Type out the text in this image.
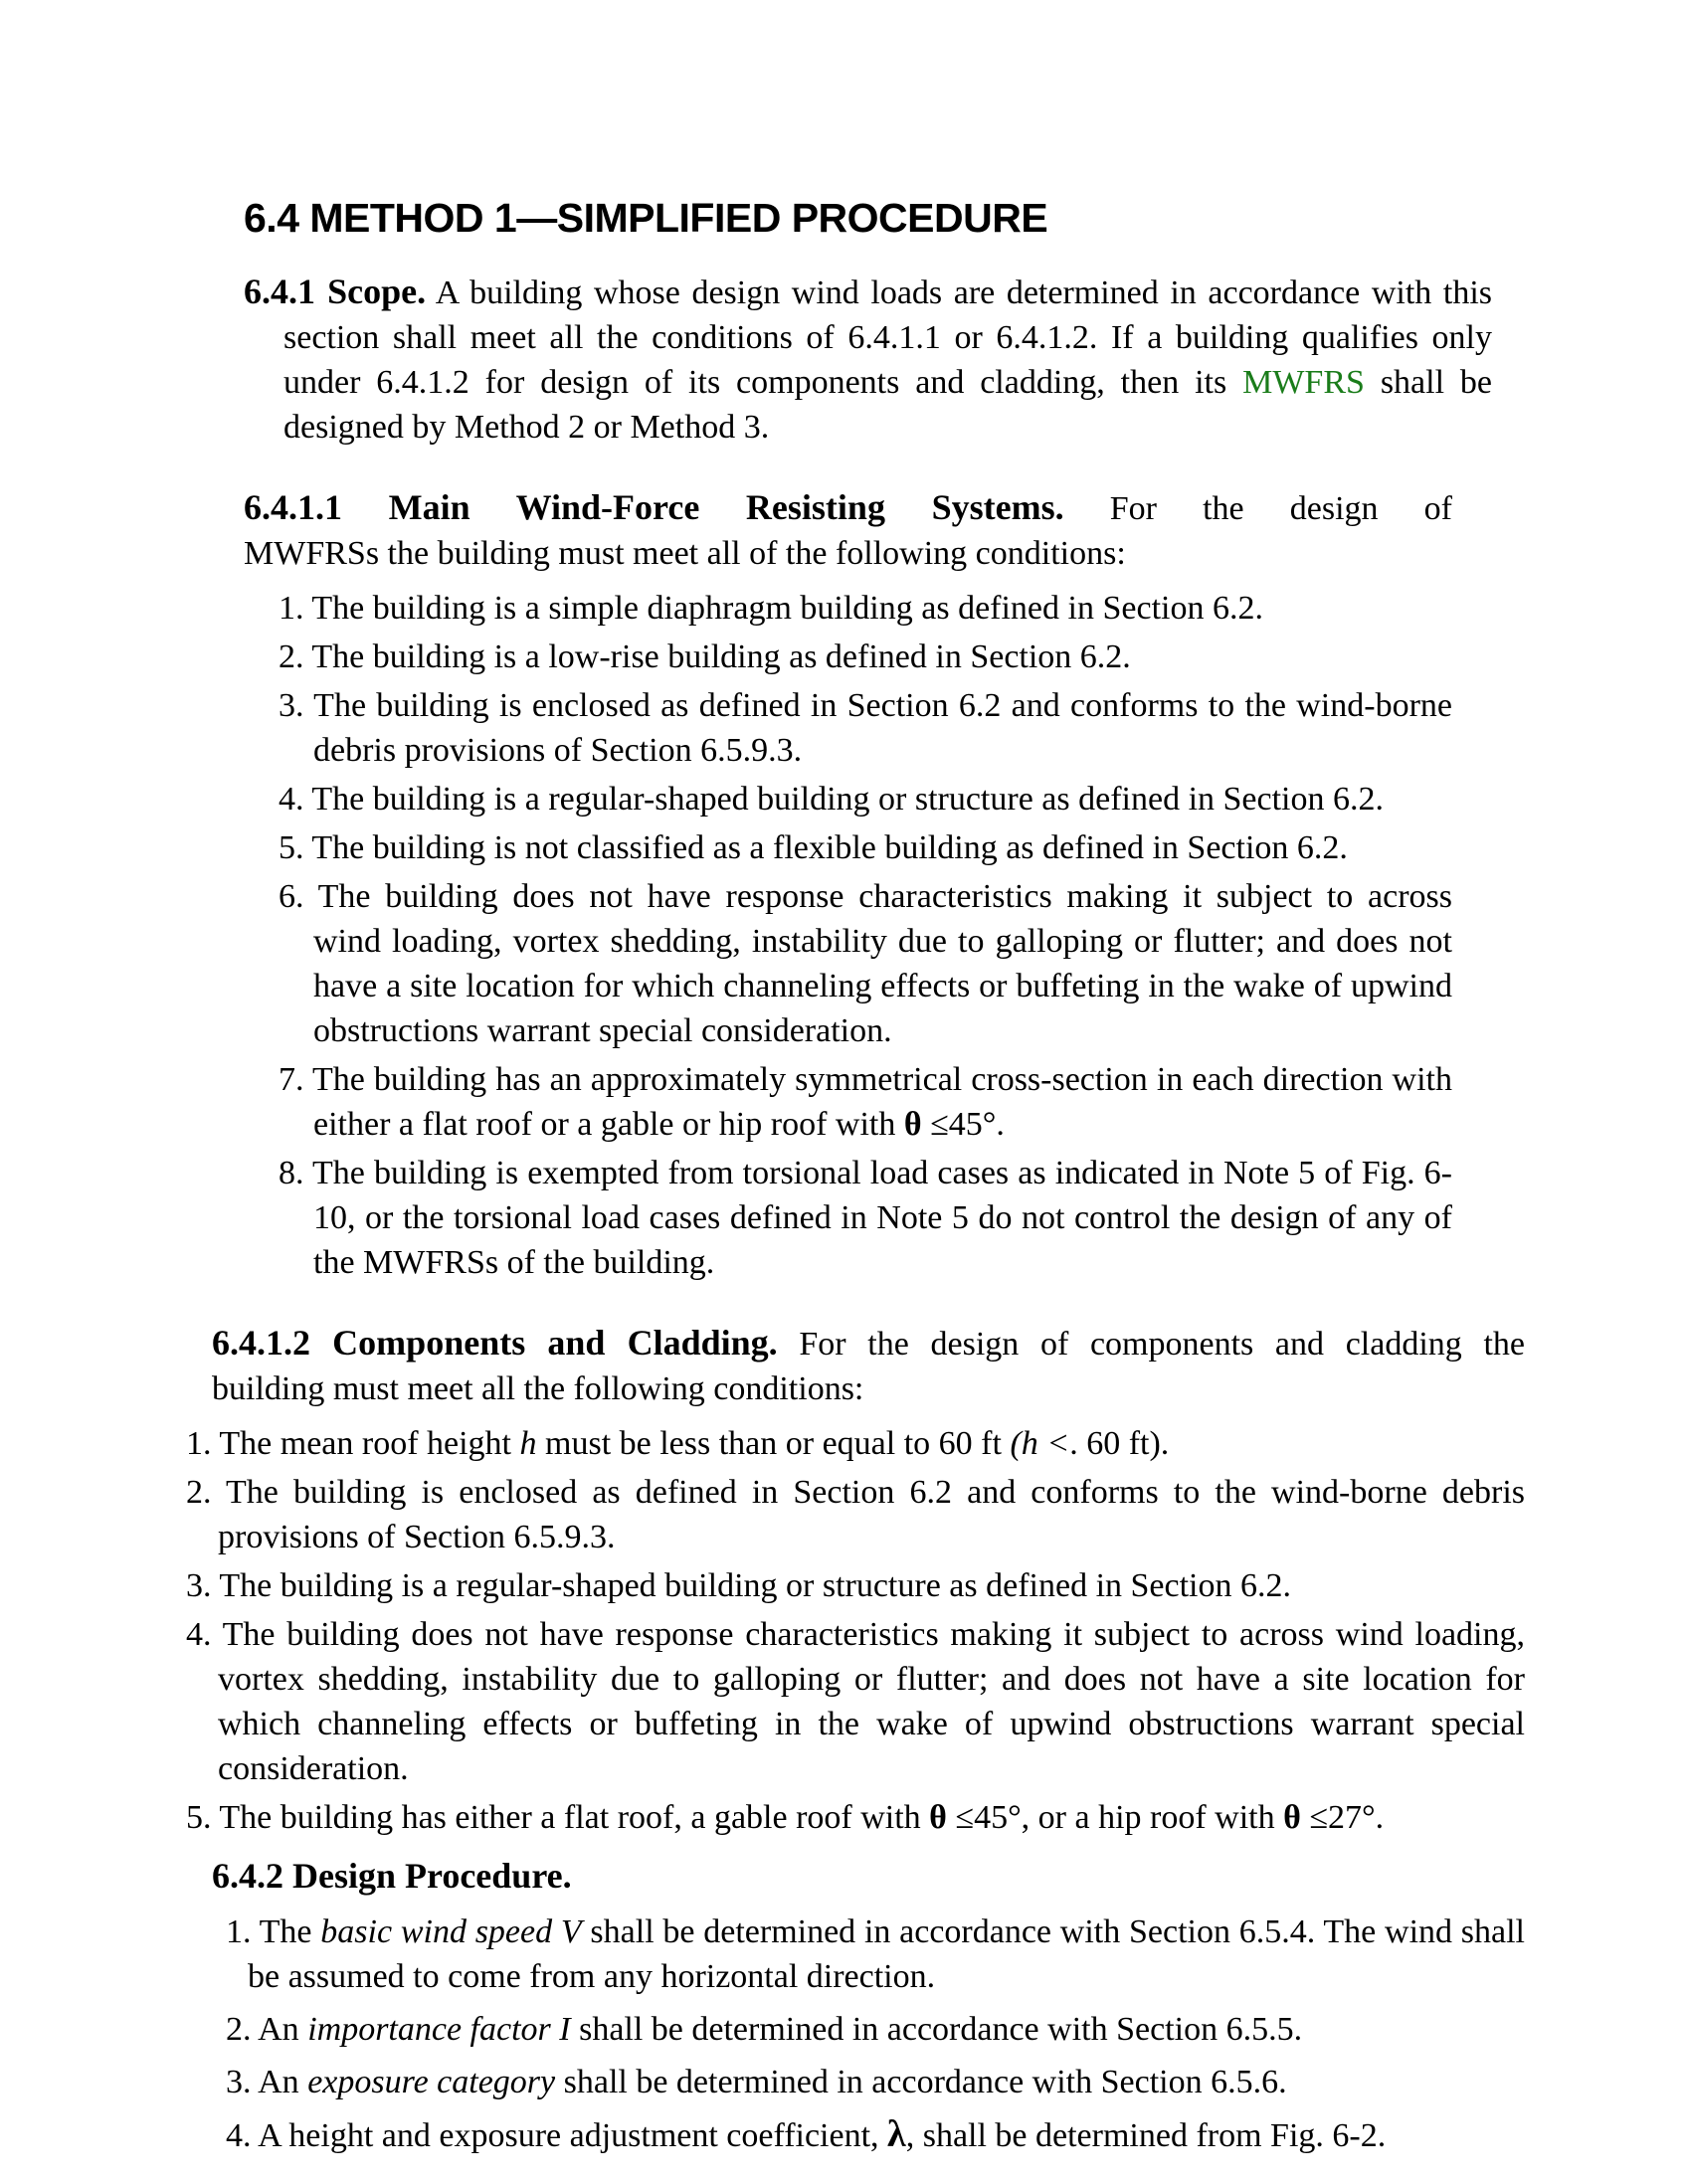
6.4 METHOD 1—SIMPLIFIED PROCEDURE

6.4.1 Scope. A building whose design wind loads are determined in accordance with this section shall meet all the conditions of 6.4.1.1 or 6.4.1.2. If a building qualifies only under 6.4.1.2 for design of its components and cladding, then its MWFRS shall be designed by Method 2 or Method 3.

6.4.1.1 Main Wind-Force Resisting Systems. For the design of
MWFRSs the building must meet all of the following conditions:
1. The building is a simple diaphragm building as defined in Section 6.2.
2. The building is a low-rise building as defined in Section 6.2.
3. The building is enclosed as defined in Section 6.2 and conforms to the wind-borne debris provisions of Section 6.5.9.3.
4. The building is a regular-shaped building or structure as defined in Section 6.2.
5. The building is not classified as a flexible building as defined in Section 6.2.
6. The building does not have response characteristics making it subject to across wind loading, vortex shedding, instability due to galloping or flutter; and does not have a site location for which channeling effects or buffeting in the wake of upwind obstructions warrant special consideration.
7. The building has an approximately symmetrical cross-section in each direction with either a flat roof or a gable or hip roof with θ ≤45°.
8. The building is exempted from torsional load cases as indicated in Note 5 of Fig. 6-10, or the torsional load cases defined in Note 5 do not control the design of any of the MWFRSs of the building.
6.4.1.2 Components and Cladding. For the design of components and cladding the
building must meet all the following conditions:
1. The mean roof height h must be less than or equal to 60 ft (h <. 60 ft).
2. The building is enclosed as defined in Section 6.2 and conforms to the wind-borne debris provisions of Section 6.5.9.3.
3. The building is a regular-shaped building or structure as defined in Section 6.2.
4. The building does not have response characteristics making it subject to across wind loading, vortex shedding, instability due to galloping or flutter; and does not have a site location for which channeling effects or buffeting in the wake of upwind obstructions warrant special consideration.
5. The building has either a flat roof, a gable roof with θ ≤45°, or a hip roof with θ ≤27°.
6.4.2 Design Procedure.
1. The basic wind speed V shall be determined in accordance with Section 6.5.4. The wind shall be assumed to come from any horizontal direction.
2. An importance factor I shall be determined in accordance with Section 6.5.5.
3. An exposure category shall be determined in accordance with Section 6.5.6.
4. A height and exposure adjustment coefficient, λ, shall be determined from Fig. 6-2.
